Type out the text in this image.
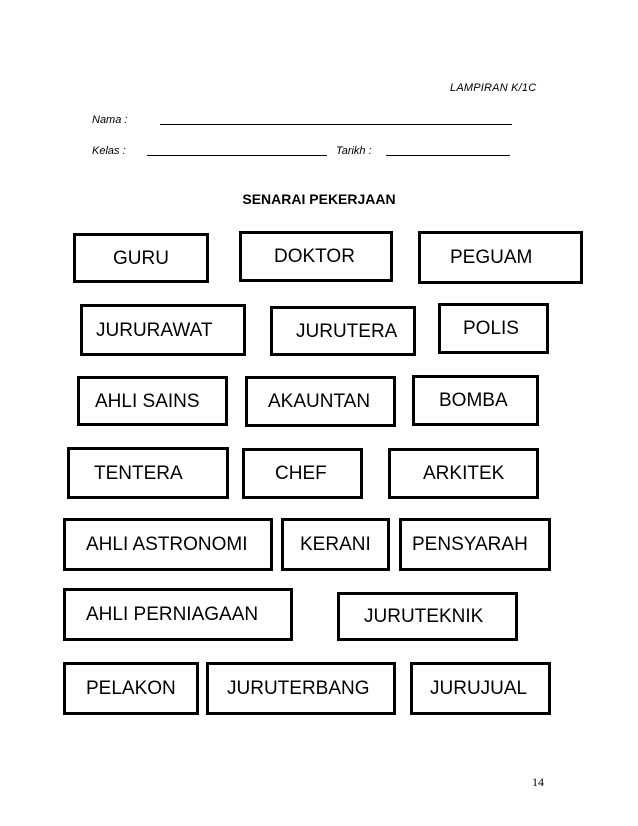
LAMPIRAN K/1C
Nama :
Kelas :	Tarikh :
SENARAI PEKERJAAN
GURU	DOKTOR	PEGUAM
JURURAWAT	JURUTERA	POLIS
AHLI SAINS	AKAUNTAN	BOMBA
TENTERA	CHEF	ARKITEK
AHLI ASTRONOMI	KERANI	PENSYARAH
AHLI PERNIAGAAN	JURUTEKNIK
PELAKON	JURUTERBANG	JURUJUAL
14
